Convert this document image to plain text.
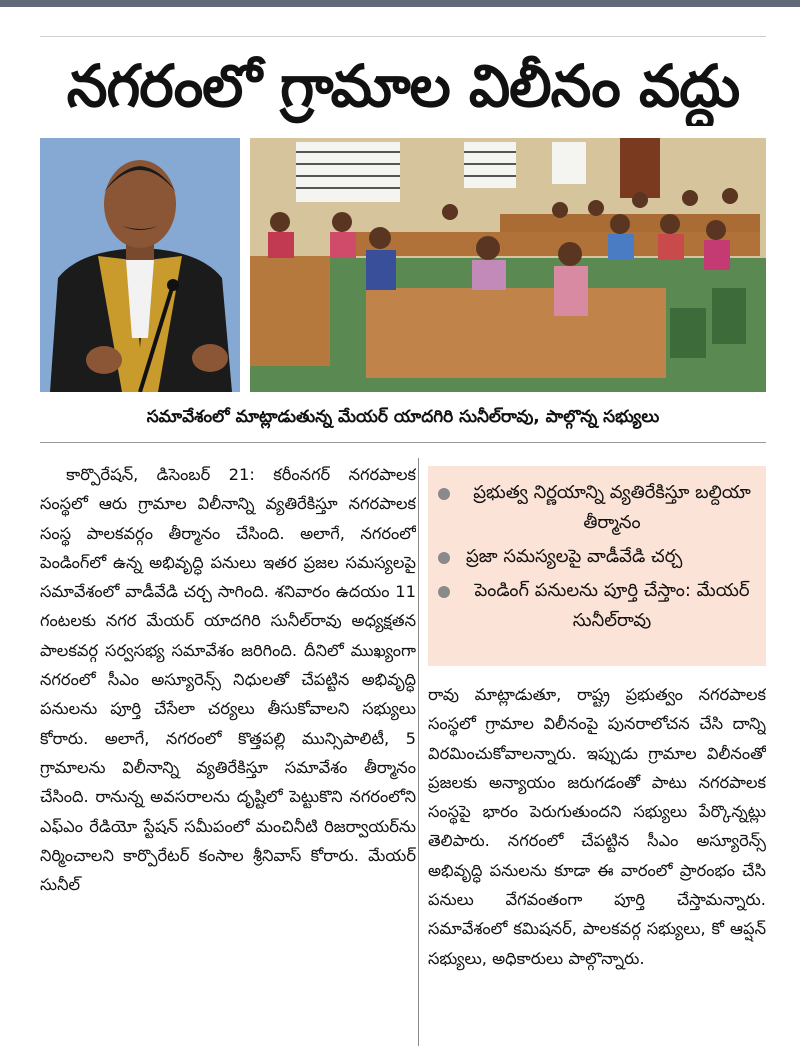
నగరంలో గ్రామాల విలీనం వద్దు
సమావేశంలో మాట్లాడుతున్న మేయర్ యాదగిరి సునీల్‌రావు, పాల్గొన్న సభ్యులు

కార్పొరేషన్, డిసెంబర్ 21: కరీంనగర్ నగరపాలక సంస్థలో ఆరు గ్రామాల విలీనాన్ని వ్యతిరేకిస్తూ నగరపాలక సంస్థ పాలకవర్గం తీర్మానం చేసింది. అలాగే, నగరంలో పెండింగ్‌లో ఉన్న అభివృద్ధి పనులు ఇతర ప్రజల సమస్యలపై సమావేశంలో వాడీవేడి చర్చ సాగింది. శనివారం ఉదయం 11 గంటలకు నగర మేయర్ యాదగిరి సునీల్‌రావు అధ్యక్షతన పాలకవర్గ సర్వసభ్య సమావేశం జరిగింది. దీనిలో ముఖ్యంగా నగరంలో సీఎం అస్యూరెన్స్ నిధులతో చేపట్టిన అభివృద్ధి పనులను పూర్తి చేసేలా చర్యలు తీసుకోవాలని సభ్యులు కోరారు. అలాగే, నగరంలో కొత్తపల్లి మున్సిపాలిటీ, 5 గ్రామాలను విలీనాన్ని వ్యతిరేకిస్తూ సమావేశం తీర్మానం చేసింది. రానున్న అవసరాలను దృష్టిలో పెట్టుకొని నగరంలోని ఎఫ్ఎం రేడియో స్టేషన్ సమీపంలో మంచినీటి రిజర్వాయర్‌ను నిర్మించాలని కార్పొరేటర్ కంసాల శ్రీనివాస్ కోరారు. మేయర్ సునీల్

ప్రభుత్వ నిర్ణయాన్ని వ్యతిరేకిస్తూ బల్దియా తీర్మానం
ప్రజా సమస్యలపై వాడీవేడి చర్చ
పెండింగ్ పనులను పూర్తి చేస్తాం: మేయర్ సునీల్‌రావు

రావు మాట్లాడుతూ, రాష్ట్ర ప్రభుత్వం నగరపాలక సంస్థలో గ్రామాల విలీనంపై పునరాలోచన చేసి దాన్ని విరమించుకోవాలన్నారు. ఇప్పుడు గ్రామాల విలీనంతో ప్రజలకు అన్యాయం జరుగడంతో పాటు నగరపాలక సంస్థపై భారం పెరుగుతుందని సభ్యులు పేర్కొన్నట్లు తెలిపారు. నగరంలో చేపట్టిన సీఎం అస్యూరెన్స్ అభివృద్ధి పనులను కూడా ఈ వారంలో ప్రారంభం చేసి పనులు వేగవంతంగా పూర్తి చేస్తామన్నారు. సమావేశంలో కమిషనర్, పాలకవర్గ సభ్యులు, కో ఆప్షన్ సభ్యులు, అధికారులు పాల్గొన్నారు.
